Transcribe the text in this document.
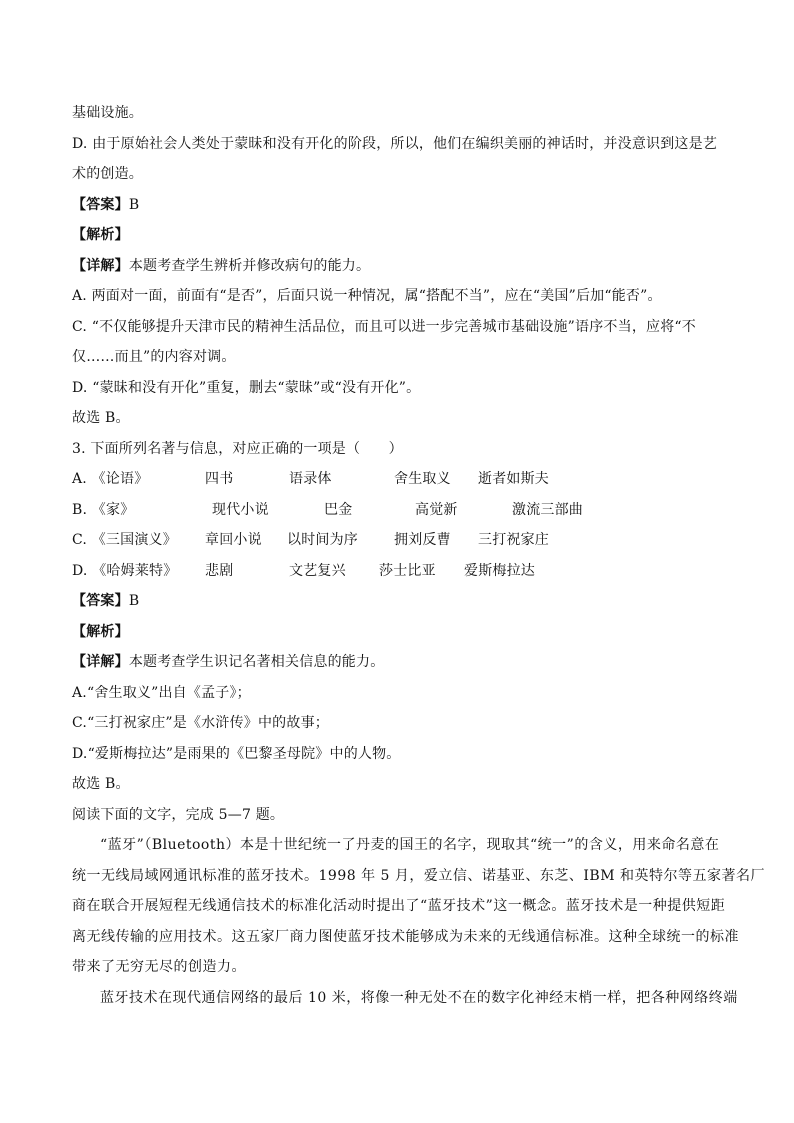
基础设施。
D. 由于原始社会人类处于蒙昧和没有开化的阶段，所以，他们在编织美丽的神话时，并没意识到这是艺
术的创造。
【答案】B
【解析】
【详解】本题考查学生辨析并修改病句的能力。
A. 两面对一面，前面有“是否”，后面只说一种情况，属“搭配不当”，应在“美国”后加“能否”。
C. “不仅能够提升天津市民的精神生活品位，而且可以进一步完善城市基础设施”语序不当，应将“不
仅……而且”的内容对调。
D. “蒙昧和没有开化”重复，删去“蒙昧”或“没有开化”。
故选 B。
3. 下面所列名著与信息，对应正确的一项是（　　）
A. 《论语》	四书	语录体	舍生取义 逝者如斯夫
B. 《家》	现代小说	巴金	高觉新	激流三部曲
C. 《三国演义》 章回小说 以时间为序	拥刘反曹 三打祝家庄
D. 《哈姆莱特》 悲剧	文艺复兴 莎士比亚 爱斯梅拉达
【答案】B
【解析】
【详解】本题考查学生识记名著相关信息的能力。
A.“舍生取义”出自《孟子》；
C.“三打祝家庄”是《水浒传》中的故事；
D.“爱斯梅拉达”是雨果的《巴黎圣母院》中的人物。
故选 B。
阅读下面的文字，完成 5—7 题。
“蓝牙”（Bluetooth）本是十世纪统一了丹麦的国王的名字，现取其“统一”的含义，用来命名意在
统一无线局域网通讯标准的蓝牙技术。1998 年 5 月，爱立信、诺基亚、东芝、IBM 和英特尔等五家著名厂
商在联合开展短程无线通信技术的标准化活动时提出了“蓝牙技术”这一概念。蓝牙技术是一种提供短距
离无线传输的应用技术。这五家厂商力图使蓝牙技术能够成为未来的无线通信标准。这种全球统一的标准
带来了无穷无尽的创造力。
蓝牙技术在现代通信网络的最后 10 米，将像一种无处不在的数字化神经末梢一样，把各种网络终端
